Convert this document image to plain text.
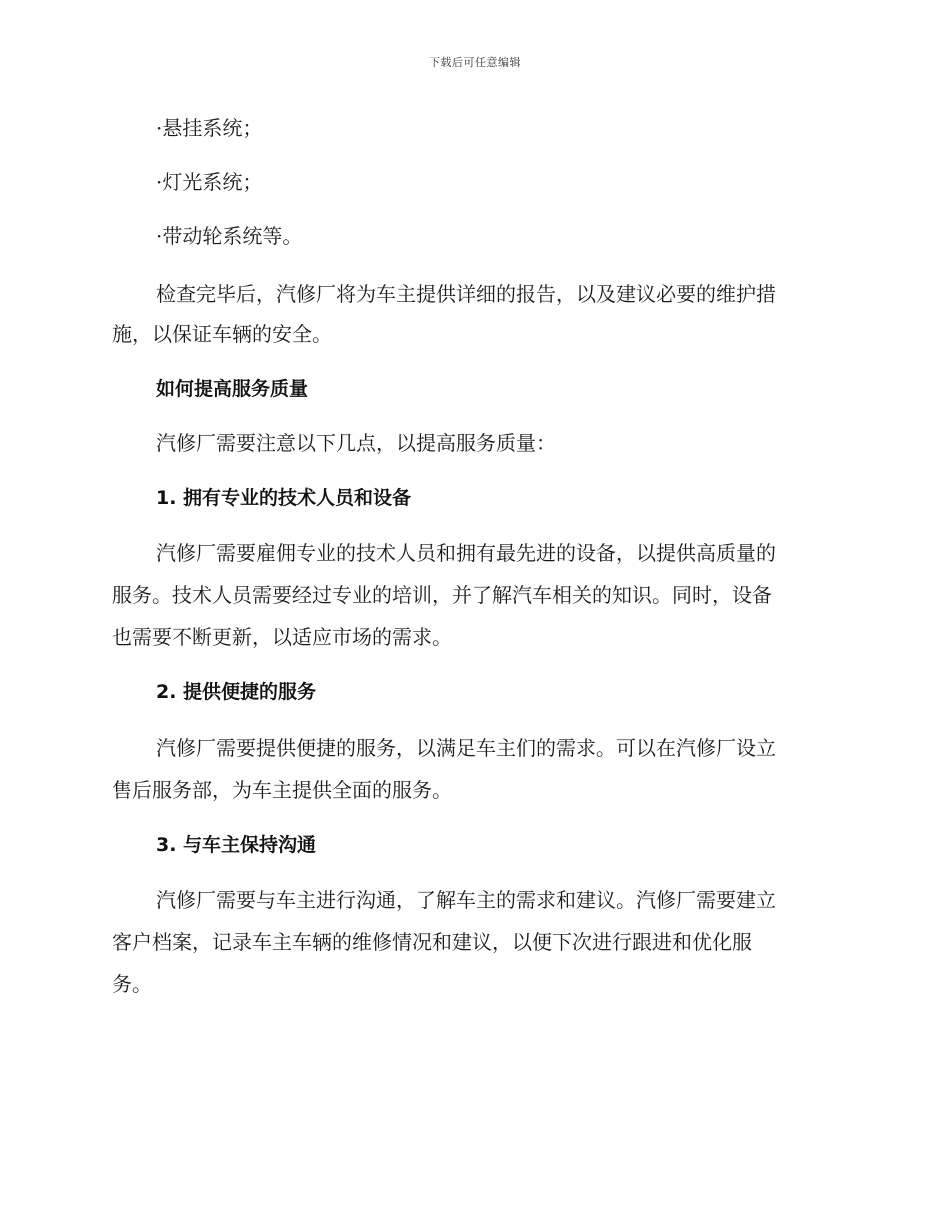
下载后可任意编辑
·悬挂系统；
·灯光系统；
·带动轮系统等。
检查完毕后，汽修厂将为车主提供详细的报告，以及建议必要的维护措
施，以保证车辆的安全。
如何提高服务质量
汽修厂需要注意以下几点，以提高服务质量：
1. 拥有专业的技术人员和设备
汽修厂需要雇佣专业的技术人员和拥有最先进的设备，以提供高质量的
服务。技术人员需要经过专业的培训，并了解汽车相关的知识。同时，设备
也需要不断更新，以适应市场的需求。
2. 提供便捷的服务
汽修厂需要提供便捷的服务，以满足车主们的需求。可以在汽修厂设立
售后服务部，为车主提供全面的服务。
3. 与车主保持沟通
汽修厂需要与车主进行沟通，了解车主的需求和建议。汽修厂需要建立
客户档案，记录车主车辆的维修情况和建议，以便下次进行跟进和优化服
务。
